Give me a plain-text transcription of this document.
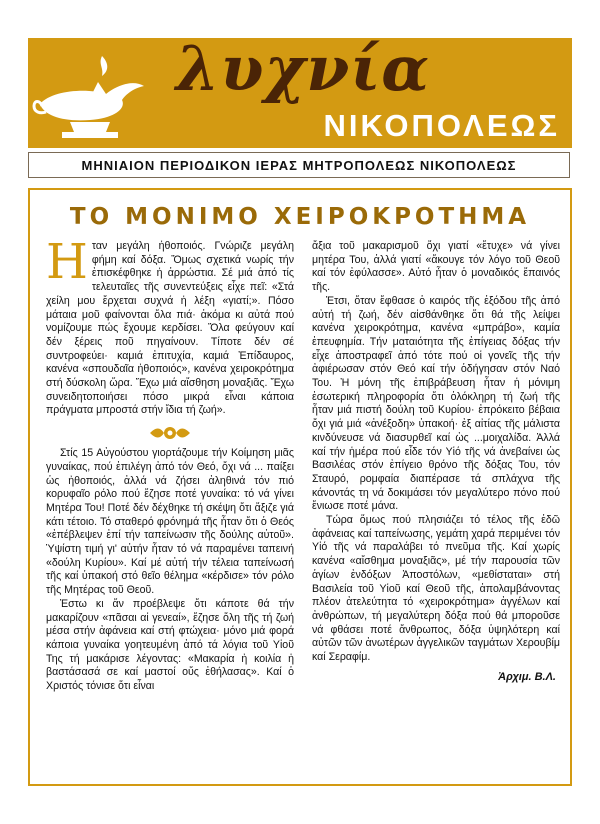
λυχνία
ΝΙΚΟΠΟΛΕΩΣ
ΜΗΝΙΑΙΟΝ ΠΕΡΙΟΔΙΚΟΝ ΙΕΡΑΣ ΜΗΤΡΟΠΟΛΕΩΣ ΝΙΚΟΠΟΛΕΩΣ
ΤΟ ΜΟΝΙΜΟ ΧΕΙΡΟΚΡΟΤΗΜΑ

Ηταν μεγάλη ἠθοποιός. Γνώριζε μεγάλη φήμη καί δόξα. Ὅμως σχετικά νωρίς τήν ἐπισκέφθηκε ἡ ἀρρώστια. Σέ μιά ἀπό τίς τελευταῖες τῆς συνεντεύξεις εἶχε πεῖ: «Στά χείλη μου ἔρχεται συχνά ἡ λέξη «γιατί;». Πόσο μάταια μοῦ φαίνονται ὅλα πιά· ἀκόμα κι αὐτά πού νομίζουμε πώς ἔχουμε κερδίσει. Ὅλα φεύγουν καί δέν ξέρεις ποῦ πηγαίνουν. Τίποτε δέν σέ συντροφεύει· καμιά ἐπιτυχία, καμιά Ἐπίδαυρος, κανένα «σπουδαῖα ἠθοποιός», κανένα χειροκρότημα στή δύσκολη ὥρα. Ἔχω μιά αἴσθηση μοναξιᾶς. Ἔχω συνειδητοποιήσει πόσο μικρά εἶναι κάποια πράγματα μπροστά στήν ἴδια τή ζωή».

Στίς 15 Αὐγούστου γιορτάζουμε τήν Κοίμηση μιᾶς γυναίκας, πού ἐπιλέγη ἀπό τόν Θεό, ὄχι νά ... παίξει ὡς ἠθοποιός, ἀλλά νά ζήσει ἀληθινά τόν πιό κορυφαῖο ρόλο πού ἔζησε ποτέ γυναίκα: τό νά γίνει Μητέρα Του! Ποτέ δέν δέχθηκε τή σκέψη ὅτι ἄξιζε γιά κάτι τέτοιο. Τό σταθερό φρόνημά τῆς ἦταν ὅτι ὁ Θεός «ἐπέβλεψεν ἐπί τήν ταπείνωσιν τῆς δούλης αὐτοῦ». Ὑψίστη τιμή γι' αὐτήν ἦταν τό νά παραμένει ταπεινή «δούλη Κυρίου». Καί μέ αὐτή τήν τέλεια ταπείνωσή τῆς καί ὑπακοή στό θεῖο θέλημα «κέρδισε» τόν ρόλο τῆς Μητέρας τοῦ Θεοῦ.

Ἐστω κι ἄν προέβλεψε ὅτι κάποτε θά τήν μακαρίζουν «πᾶσαι αἱ γενεαί», ἔζησε ὅλη τῆς τή ζωή μέσα στήν ἀφάνεια καί στή φτώχεια· μόνο μιά φορά κάποια γυναίκα γοητευμένη ἀπό τά λόγια τοῦ Υἱοῦ Της τή μακάρισε λέγοντας: «Μακαρία ἡ κοιλία ἡ βαστάσασά σε καί μαστοί οὕς ἐθήλασας». Καί ὁ Χριστός τόνισε ὅτι εἶναι

ἄξια τοῦ μακαρισμοῦ ὄχι γιατί «ἔτυχε» νά γίνει μητέρα Του, ἀλλά γιατί «ἄκουγε τόν λόγο τοῦ Θεοῦ καί τόν ἐφύλασσε». Αὐτό ἦταν ὁ μοναδικός ἔπαινός τῆς.

Ἐτσι, ὅταν ἔφθασε ὁ καιρός τῆς ἐξόδου τῆς ἀπό αὐτή τή ζωή, δέν αἰσθάνθηκε ὅτι θά τῆς λείψει κανένα χειροκρότημα, κανένα «μπράβο», καμία ἐπευφημία. Τήν ματαιότητα τῆς ἐπίγειας δόξας τήν εἶχε ἀποστραφεῖ ἀπό τότε πού οἱ γονεῖς τῆς τήν ἀφιέρωσαν στόν Θεό καί τήν ὁδήγησαν στόν Ναό Του. Ἡ μόνη τῆς ἐπιβράβευση ἦταν ἡ μόνιμη ἐσωτερική πληροφορία ὅτι ὁλόκληρη τή ζωή τῆς ἦταν μιά πιστή δούλη τοῦ Κυρίου· ἐπρόκειτο βέβαια ὄχι γιά μιά «ἀνέξοδη» ὑπακοή· ἐξ αἰτίας τῆς μάλιστα κινδύνευσε νά διασυρθεῖ καί ὡς ...μοιχαλίδα. Ἀλλά καί τήν ἡμέρα πού εἶδε τόν Υἱό τῆς νά ἀνεβαίνει ὡς Βασιλέας στόν ἐπίγειο θρόνο τῆς δόξας Του, τόν Σταυρό, ρομφαία διαπέρασε τά σπλάχνα τῆς κάνοντάς τη νά δοκιμάσει τόν μεγαλύτερο πόνο πού ἔνιωσε ποτέ μάνα.

Τώρα ὅμως πού πλησιάζει τό τέλος τῆς ἐδῶ ἀφάνειας καί ταπείνωσης, γεμάτη χαρά περιμένει τόν Υἱό τῆς νά παραλάβει τό πνεῦμα τῆς. Καί χωρίς κανένα «αἴσθημα μοναξιᾶς», μέ τήν παρουσία τῶν ἁγίων ἐνδόξων Ἀποστόλων, «μεθίσταται» στή Βασιλεία τοῦ Υἱοῦ καί Θεοῦ τῆς, ἀπολαμβάνοντας πλέον ἀτελεύτητα τό «χειροκρότημα» ἀγγέλων καί ἀνθρώπων, τή μεγαλύτερη δόξα πού θά μποροῦσε νά φθάσει ποτέ ἄνθρωπος, δόξα ὑψηλότερη καί αὐτῶν τῶν ἀνωτέρων ἀγγελικῶν ταγμάτων Χερουβίμ καί Σεραφίμ.

Ἀρχιμ. Β.Λ.
